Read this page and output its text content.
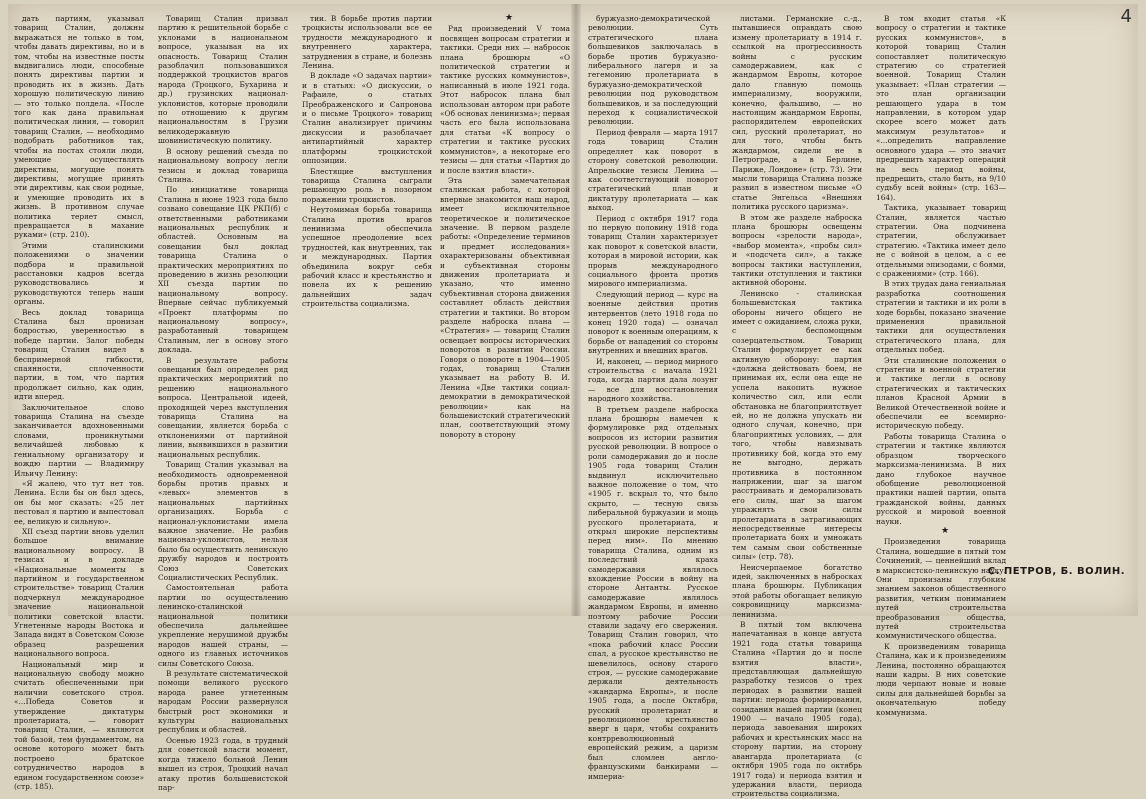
4

дать партиям, указывал товарищ Сталин, должны выражаться не только в том, чтобы давать директивы, но и в том, чтобы на известные посты выдвигались люди, способные понять директивы партии и проводить их в жизнь. Дать хорошую политическую линию — это только полдела. «После того как дана правильная политическая линия, — говорил товарищ Сталин, — необходимо подобрать работников так, чтобы на постах стояли люди, умеющие осуществлять директивы, могущие понять директивы, могущие принять эти директивы, как свои родные, и умеющие проводить их в жизнь. В противном случае политика теряет смысл, превращается в махание руками» (стр. 210).

Этими сталинскими положениями о значении подбора и правильной расстановки кадров всегда руководствовались и руководствуются теперь наши органы.

Весь доклад товарища Сталина был пронизан бодростью, уверенностью в победе партии. Залог победы товарищ Сталин видел в беспримерной гибкости, спаянности, сплоченности партии, в том, что партия продолжает сильно, как один, идти вперед.

Заключительное слово товарища Сталина на съезде заканчивается вдохновенными словами, проникнутыми величайшей любовью к гениальному организатору и вождю партии — Владимиру Ильичу Ленину:

«Я жалею, что тут нет тов. Ленина. Если бы он был здесь, он бы мог сказать: «25 лет пестовал я партию и выпестовал ее, великую и сильную».

XII съезд партии вновь уделил большое внимание национальному вопросу. В тезисах и в докладе «Национальные моменты в партийном и государственном строительстве» товарищ Сталин подчеркнул международное значение национальной политики советской власти. Угнетенные народы Востока и Запада видят в Советском Союзе образец разрешения национального вопроса.

Национальный мир и национальную свободу можно считать обеспеченными при наличии советского строя. «...Победа Советов и утверждение диктатуры пролетариата, — говорит товарищ Сталин, — являются той базой, тем фундаментом, на основе которого может быть построено братское сотрудничество народов в едином государственном союзе» (стр. 185).

Товарищ Сталин призвал партию к решительной борьбе с уклонами в национальном вопросе, указывая на их опасность. Товарищ Сталин разоблачил пользовавшихся поддержкой троцкистов врагов народа (Троцкого, Бухарина и др.) грузинских национал-уклонистов, которые проводили по отношению к другим национальностям в Грузии великодержавную шовинистическую политику.

В основу решений съезда по национальному вопросу легли тезисы и доклад товарища Сталина.

По инициативе товарища Сталина в июне 1923 года было созвано совещание ЦК РКП(б) с ответственными работниками национальных республик и областей. Основным на совещании был доклад товарища Сталина о практических мероприятиях по проведению в жизнь резолюции XII съезда партии по национальному вопросу. Впервые сейчас публикуемый «Проект платформы по национальному вопросу», разработанный товарищем Сталиным, лег в основу этого доклада.

В результате работы совещания был определен ряд практических мероприятий по решению национального вопроса. Центральной идеей, проходящей через выступления товарища Сталина на совещании, является борьба с отклонениями от партийной линии, выявившихся в развитии национальных республик.

Товарищ Сталин указывал на необходимость одновременной борьбы против правых и «левых» элементов в национальных партийных организациях. Борьба с национал-уклонистами имела важное значение. Не разбив национал-уклонистов, нельзя было бы осуществить ленинскую дружбу народов и построить Союз Советских Социалистических Республик.

Самостоятельная работа партии по осуществлению ленинско-сталинской национальной политики обеспечила дальнейшее укрепление нерушимой дружбы народов нашей страны, — одного из главных источников силы Советского Союза.

В результате систематической помощи великого русского народа ранее угнетенным народам России развернулся быстрый рост экономики и культуры национальных республик и областей.

Осенью 1923 года, в трудный для советской власти момент, когда тяжело больной Ленин вышел из строя, Троцкий начал атаку против большевистской пар-

тии. В борьбе против партии троцкисты использовали все ее трудности международного и внутреннего характера, затруднения в стране, и болезнь Ленина.

В докладе «О задачах партии» и в статьях: «О дискуссии, о Рафаиле, о статьях Преображенского и Сапронова и о письме Троцкого» товарищ Сталин анализирует причины дискуссии и разоблачает антипартийный характер платформы троцкистской оппозиции.

Блестящие выступления товарища Сталина сыграли решающую роль в позорном поражении троцкистов.

Неутомимая борьба товарища Сталина против врагов ленинизма обеспечила успешное преодоление всех трудностей, как внутренних, так и международных. Партия объединила вокруг себя рабочий класс и крестьянство и повела их к решению дальнейших задач строительства социализма.

буржуазно-демократической революции. Суть стратегического плана большевиков заключалась в борьбе против буржуазно-либерального лагеря и за гегемонию пролетариата в буржуазно-демократической революции под руководством большевиков, и за последующий переход к социалистической революции.

Период февраля — марта 1917 года товарищ Сталин определяет как поворот в сторону советской революции. Апрельские тезисы Ленина — как соответствующий поворот стратегический план и диктатуру пролетариата — как выход.

Период с октября 1917 года по первую половину 1918 года товарищ Сталин характеризует как поворот к советской власти, которая в мировой истории, как прорыв международного социального фронта против мирового империализма.

Следующий период — курс на военные действия против интервентов (лето 1918 года по конец 1920 года) — означал поворот к военным операциям, к борьбе от нападений со стороны внутренних и внешних врагов.

И, наконец, — период мирного строительства с начала 1921 года, когда партия дала лозунг — все для восстановления народного хозяйства.

В третьем разделе наброска плана брошюры намечен к формулировке ряд отдельных вопросов из истории развития русской революции. В вопросе о роли самодержавия до и после 1905 года товарищ Сталин выдвинул исключительно важное положение о том, что «1905 г. вскрыл то, что было скрыто, — тесную связь либеральной буржуазии и мощь русского пролетариата, и открыл широкие перспективы перед ним». По мнению товарища Сталина, одним из последствий краха самодержавия являлось вхождение России в войну на стороне Антанты. Русское самодержавие являлось жандармом Европы, и именно поэтому рабочие России ставили задачу его свержения. Товарищ Сталин говорил, что «пока рабочий класс России спал, а русское крестьянство не шевелилось, основу старого строя, — русские самодержавие держали деятельность «жандарма Европы», и после 1905 года, а после Октября, русский пролетариат и революционное крестьянство вверг в царя, чтобы сохранить контрреволюционный европейский режим, а царизм был сломлен англо-французскими банкирами — империа-

листами. Германские с.-д., пытавшиеся оправдать свою измену пролетариату в 1914 г. ссылкой на прогрессивность войны с русским самодержавием, как с жандармом Европы, которое дало главную помощь империализму, вооружили, конечно, фальшиво, — но настоящим жандармом Европы, распорядителем европейских сил, русский пролетариат, но для того, чтобы быть жандармом, сидели не в Петрограде, а в Берлине, Париже, Лондоне» (стр. 73). Эти мысли товарища Сталина позже развил в известном письме «О статье Энгельса «Внешняя политика русского царизма».

В этом же разделе наброска плана брошюры освещены вопросы «зрелости народа», «выбор момента», «пробы сил» и «подсчета сил», а также вопросы тактики наступления, тактики отступления и тактики активной обороны.

Ленинско - сталинская большевистская тактика обороны ничего общего не имеет с ожиданием, сложа руки, с беспомощным созерцательством. Товарищ Сталин формулирует ее как активную оборону: партия «должна действовать боем, не принимая их, если она еще не успела накопить нужное количество сил, или если обстановка не благоприятствует ей, но не должна упускать ни одного случая, конечно, при благоприятных условиях, — для того, чтобы навязывать противнику бой, когда это ему не выгодно, держать противника в постоянном напряжении, шаг за шагом расстраивать и деморализовать его силы, шаг за шагом упражнять свои силы пролетариата в затрагивающих непосредственные интересы пролетариата боях и умножать тем самым свои собственные силы» (стр. 78).

Неисчерпаемое богатство идей, заключенных в набросках плана брошюры. Публикация этой работы обогащает великую сокровищницу марксизма-ленинизма.

В пятый том включена напечатанная в конце августа 1921 года статья товарища Сталина «Партия до и после взятия власти», представляющая дальнейшую разработку тезисов о трех периодах в развитии нашей партии: периода формирования, созидания нашей партии (конец 1900 — начало 1905 года), периода завоевания широких рабочих и крестьянских масс на сторону партии, на сторону авангарда пролетариата (с октября 1905 года по октябрь 1917 года) и периода взятия и удержания власти, периода строительства социализма.

В том входит статья «К вопросу о стратегии и тактике русских коммунистов», в которой товарищ Сталин сопоставляет политическую стратегию со стратегией военной. Товарищ Сталин указывает: «План стратегии — это план организации решающего удара в том направлении, в котором удар скорее всего может дать максимум результатов» и «...определить направление основного удара — это значит предрешить характер операций на весь период войны, предрешить, стало быть, на 9/10 судьбу всей войны» (стр. 163—164).

Тактика, указывает товарищ Сталин, является частью стратегии. Она подчинена стратегии, обслуживает стратегию. «Тактика имеет дело не с войной в целом, а с ее отдельными эпизодами, с боями, с сражениями» (стр. 166).

В этих трудах дана гениальная разработка соотношения стратегии и тактики и их роли в ходе борьбы, показано значение применения правильной тактики для осуществления стратегического плана, для отдельных побед.

Эти сталинские положения о стратегии и военной стратегии и тактике легли в основу стратегических и тактических планов Красной Армии в Великой Отечественной войне и обеспечили ее всемирно-историческую победу.

Работы товарища Сталина о стратегии и тактике являются образцом творческого марксизма-ленинизма. В них дано глубокое научное обобщение революционной практики нашей партии, опыта гражданской войны, данных русской и мировой военной науки.

★

Произведения товарища Сталина, вошедшие в пятый том Сочинений, — ценнейший вклад в марксистско-ленинскую науку. Они пронизаны глубоким знанием законов общественного развития, четким пониманием путей строительства преобразования общества, путей строительства коммунистического общества.

К произведениям товарища Сталина, как и к произведениям Ленина, постоянно обращаются наши кадры. В них советские люди черпают новые и новые силы для дальнейшей борьбы за окончательную победу коммунизма.

★

Ряд произведений V тома посвящен вопросам стратегии и тактики. Среди них — набросок плана брошюры «О политической стратегии и тактике русских коммунистов», написанный в июле 1921 года. Этот набросок плана был использован автором при работе «Об основах ленинизма»; первая часть его была использована для статьи «К вопросу о стратегии и тактике русских коммунистов», а некоторые его тезисы — для статьи «Партия до и после взятия власти».

Эта замечательная сталинская работа, с которой впервые знакомится наш народ, имеет исключительное теоретическое и политическое значение. В первом разделе работы: «Определение терминов и предмет исследования» охарактеризованы объективная и субъективная стороны движения пролетариата и указано, что именно субъективная сторона движения составляет область действия стратегии и тактики. Во втором разделе наброска плана — «Стратегия» — товарищ Сталин освещает вопросы исторических поворотов в развитии России. Говоря о повороте в 1904—1905 годах, товарищ Сталин указывает на работу В. И. Ленина «Две тактики социал-демократии в демократической революции» как на большевистский стратегический план, соответствующий этому повороту в сторону

С. ПЕТРОВ, Б. ВОЛИН.
